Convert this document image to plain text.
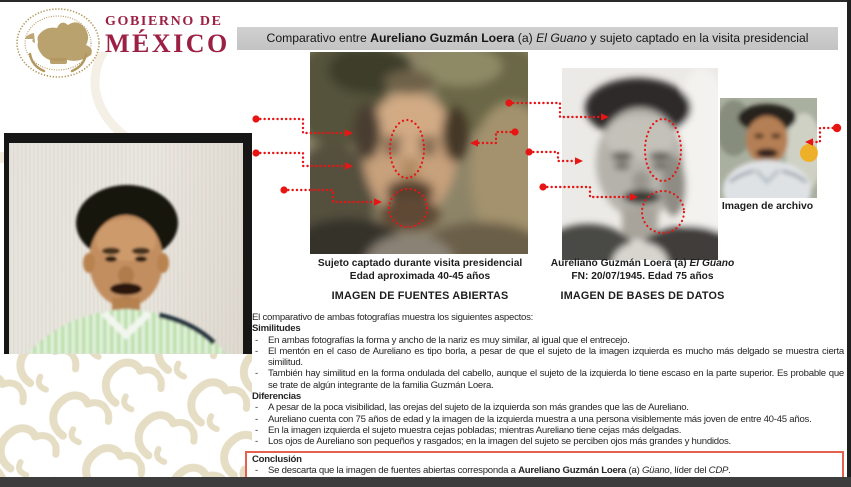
GOBIERNO DE
MÉXICO	Comparativo entre Aureliano Guzmán Loera (a) El Guano y sujeto captado en la visita presidencial
Sujeto captado durante visita presidencial
Edad aproximada 40-45 años
IMAGEN DE FUENTES ABIERTAS
Aureliano Guzmán Loera (a) El Guano
FN: 20/07/1945. Edad 75 años
IMAGEN DE BASES DE DATOS
Imagen de archivo

El comparativo de ambas fotografías muestra los siguientes aspectos:

Similitudes

-	En ambas fotografías la forma y ancho de la nariz es muy similar, al igual que el entrecejo.
-	El mentón en el caso de Aureliano es tipo borla, a pesar de que el sujeto de la imagen izquierda es mucho más delgado se muestra cierta similitud.
-	También hay similitud en la forma ondulada del cabello, aunque el sujeto de la izquierda lo tiene escaso en la parte superior. Es probable que se trate de algún integrante de la familia Guzmán Loera.

Diferencias

-	A pesar de la poca visibilidad, las orejas del sujeto de la izquierda son más grandes que las de Aureliano.
-	Aureliano cuenta con 75 años de edad y la imagen de la izquierda muestra a una persona visiblemente más joven de entre 40-45 años.
-	En la imagen izquierda el sujeto muestra cejas pobladas; mientras Aureliano tiene cejas más delgadas.
-	Los ojos de Aureliano son pequeños y rasgados; en la imagen del sujeto se perciben ojos más grandes y hundidos.

Conclusión

-	Se descarta que la imagen de fuentes abiertas corresponda a Aureliano Guzmán Loera (a) Güano, líder del CDP.
